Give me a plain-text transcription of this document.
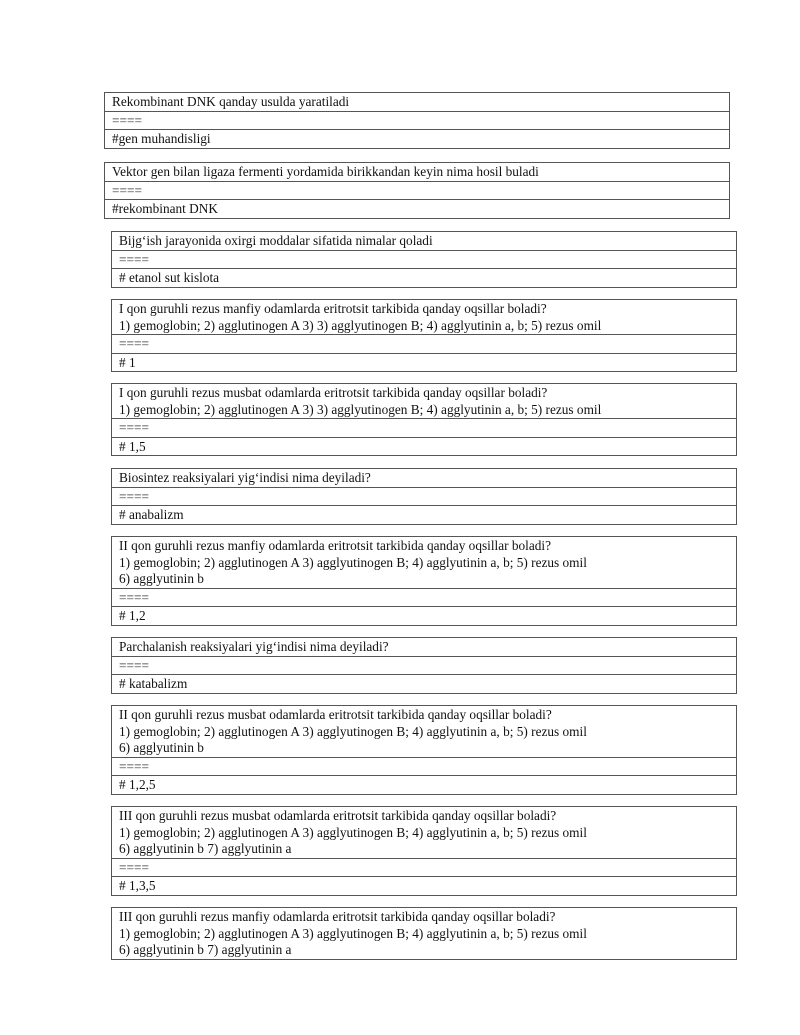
Rekombinant DNK qanday usulda yaratiladi
====
#gen muhandisligi
Vektor gen bilan ligaza fermenti yordamida birikkandan keyin nima hosil buladi
====
#rekombinant DNK
Bijg‘ish jarayonida oxirgi moddalar sifatida nimalar qoladi
====
# etanol sut kislota
I qon guruhli rezus manfiy odamlarda eritrotsit tarkibida qanday oqsillar boladi?
1) gemoglobin; 2) agglutinogen A 3) 3) agglyutinogen B; 4) agglyutinin a, b; 5) rezus omil
====
# 1
I qon guruhli rezus musbat odamlarda eritrotsit tarkibida qanday oqsillar boladi?
1) gemoglobin; 2) agglutinogen A 3) 3) agglyutinogen B; 4) agglyutinin a, b; 5) rezus omil
====
# 1,5
Biosintez reaksiyalari yig‘indisi nima deyiladi?
====
# anabalizm
II qon guruhli rezus manfiy odamlarda eritrotsit tarkibida qanday oqsillar boladi?
1) gemoglobin; 2) agglutinogen A 3) agglyutinogen B; 4) agglyutinin a, b; 5) rezus omil
6) agglyutinin b
====
# 1,2
Parchalanish reaksiyalari yig‘indisi nima deyiladi?
====
# katabalizm
II qon guruhli rezus musbat odamlarda eritrotsit tarkibida qanday oqsillar boladi?
1) gemoglobin; 2) agglutinogen A 3) agglyutinogen B; 4) agglyutinin a, b; 5) rezus omil
6) agglyutinin b
====
# 1,2,5
III qon guruhli rezus musbat odamlarda eritrotsit tarkibida qanday oqsillar boladi?
1) gemoglobin; 2) agglutinogen A 3) agglyutinogen B; 4) agglyutinin a, b; 5) rezus omil
6) agglyutinin b 7) agglyutinin a
====
# 1,3,5
III qon guruhli rezus manfiy odamlarda eritrotsit tarkibida qanday oqsillar boladi?
1) gemoglobin; 2) agglutinogen A 3) agglyutinogen B; 4) agglyutinin a, b; 5) rezus omil
6) agglyutinin b 7) agglyutinin a
